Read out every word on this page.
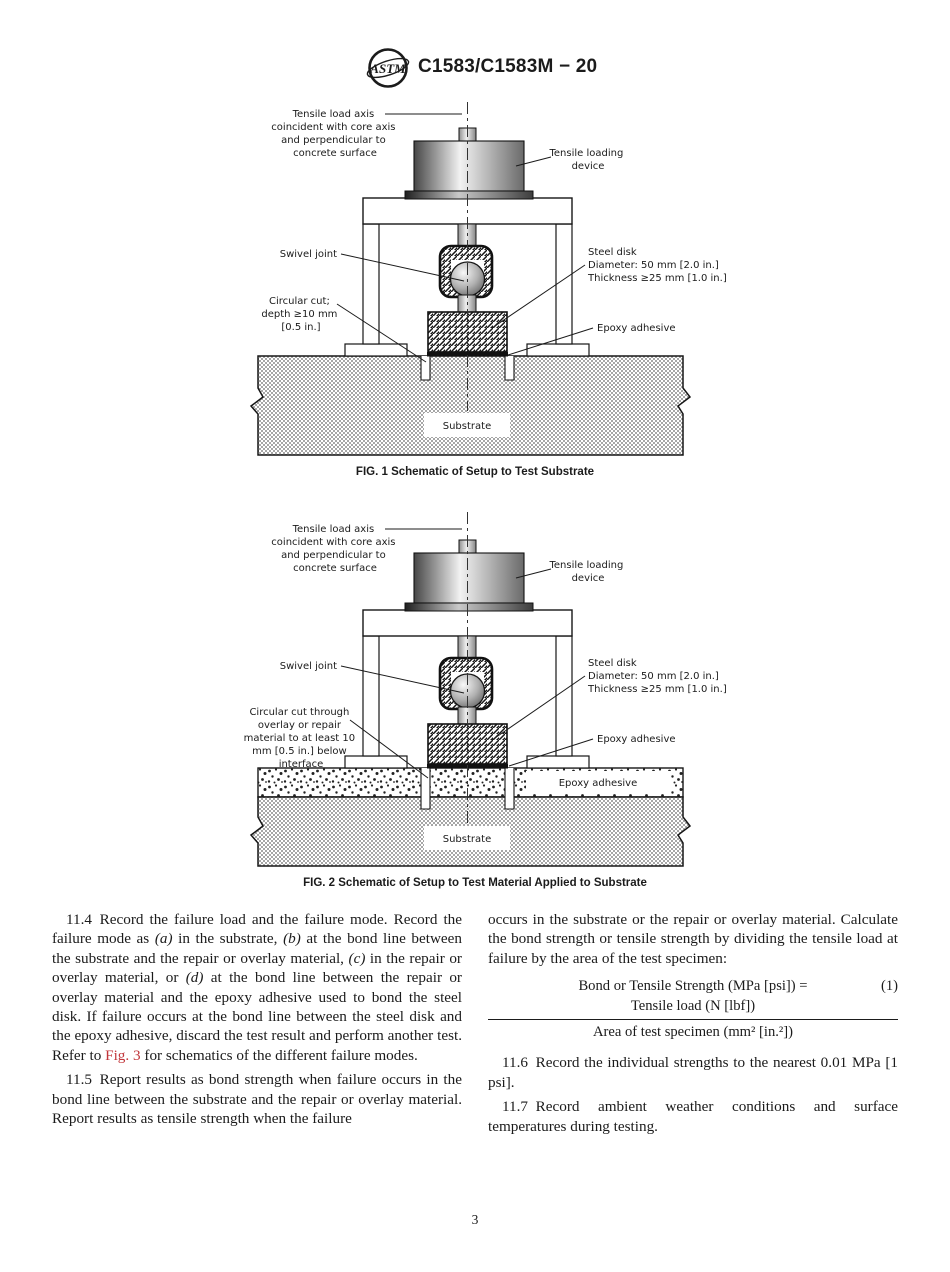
ASTM C1583/C1583M − 20
Substrate
Tensile load axis coincident with core axis and perpendicular to concrete surface	Tensile loading device
Swivel joint	Steel disk Diameter: 50 mm [2.0 in.] Thickness ≥25 mm [1.0 in.]
Circular cut; depth ≥10 mm [0.5 in.]	Epoxy adhesive
FIG. 1 Schematic of Setup to Test Substrate
Epoxy adhesive
Substrate
Tensile load axis coincident with core axis and perpendicular to concrete surface	Tensile loading device
Swivel joint	Steel disk Diameter: 50 mm [2.0 in.] Thickness ≥25 mm [1.0 in.]
Circular cut through overlay or repair material to at least 10 mm [0.5 in.] below interface
Epoxy adhesive
FIG. 2 Schematic of Setup to Test Material Applied to Substrate

11.4 Record the failure load and the failure mode. Record the failure mode as (a) in the substrate, (b) at the bond line between the substrate and the repair or overlay material, (c) in the repair or overlay material, or (d) at the bond line between the repair or overlay material and the epoxy adhesive used to bond the steel disk. If failure occurs at the bond line between the steel disk and the epoxy adhesive, discard the test result and perform another test. Refer to Fig. 3 for schematics of the different failure modes.

11.5 Report results as bond strength when failure occurs in the bond line between the substrate and the repair or overlay material. Report results as tensile strength when the failure

occurs in the substrate or the repair or overlay material. Calculate the bond strength or tensile strength by dividing the tensile load at failure by the area of the test specimen:

Bond or Tensile Strength (MPa [psi]) =	(1)
Tensile load (N [lbf])
Area of test specimen (mm² [in.²])

11.6 Record the individual strengths to the nearest 0.01 MPa [1 psi].

11.7 Record ambient weather conditions and surface temperatures during testing.

3
